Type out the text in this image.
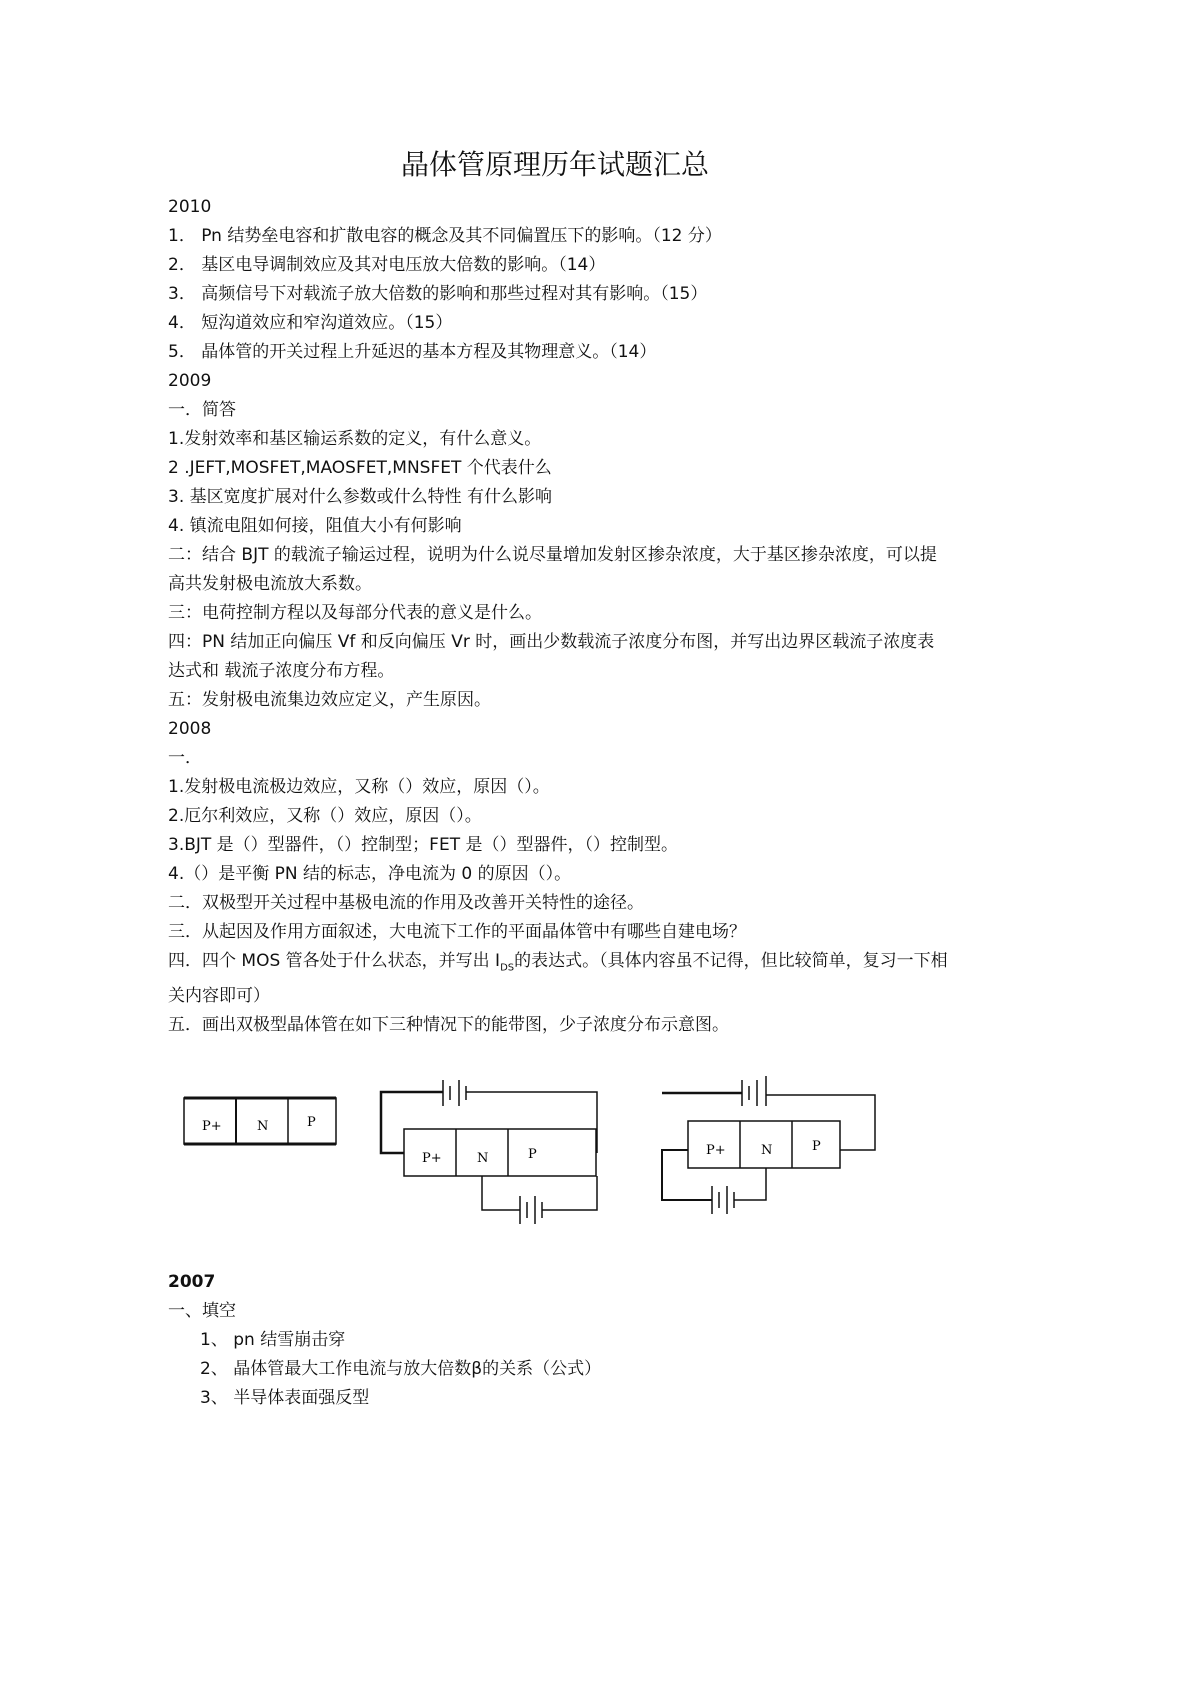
晶体管原理历年试题汇总
2010
1． Pn 结势垒电容和扩散电容的概念及其不同偏置压下的影响。（12 分）
2． 基区电导调制效应及其对电压放大倍数的影响。（14）
3． 高频信号下对载流子放大倍数的影响和那些过程对其有影响。（15）
4． 短沟道效应和窄沟道效应。（15）
5． 晶体管的开关过程上升延迟的基本方程及其物理意义。（14）
2009
一．简答
1.发射效率和基区输运系数的定义，有什么意义。
2 .JEFT,MOSFET,MAOSFET,MNSFET 个代表什么
3. 基区宽度扩展对什么参数或什么特性 有什么影响
4. 镇流电阻如何接，阻值大小有何影响
二：结合 BJT 的载流子输运过程，说明为什么说尽量增加发射区掺杂浓度，大于基区掺杂浓度，可以提高共发射极电流放大系数。
三：电荷控制方程以及每部分代表的意义是什么。
四：PN 结加正向偏压 Vf 和反向偏压 Vr 时，画出少数载流子浓度分布图，并写出边界区载流子浓度表达式和 载流子浓度分布方程。
五：发射极电流集边效应定义，产生原因。
2008
一．
1.发射极电流极边效应，又称（）效应，原因（）。
2.厄尔利效应，又称（）效应，原因（）。
3.BJT 是（）型器件，（）控制型；FET 是（）型器件，（）控制型。
4.（）是平衡 PN 结的标志，净电流为 0 的原因（）。
二．双极型开关过程中基极电流的作用及改善开关特性的途径。
三．从起因及作用方面叙述，大电流下工作的平面晶体管中有哪些自建电场？
四．四个 MOS 管各处于什么状态，并写出 $I_{DS}$的表达式。（具体内容虽不记得，但比较简单，复习一下相关内容即可）
五．画出双极型晶体管在如下三种情况下的能带图，少子浓度分布示意图。
P+	N	P
P+	N	P	P+	N	P
2007
一、填空
1、 pn 结雪崩击穿
2、 晶体管最大工作电流与放大倍数β的关系（公式）
3、 半导体表面强反型
